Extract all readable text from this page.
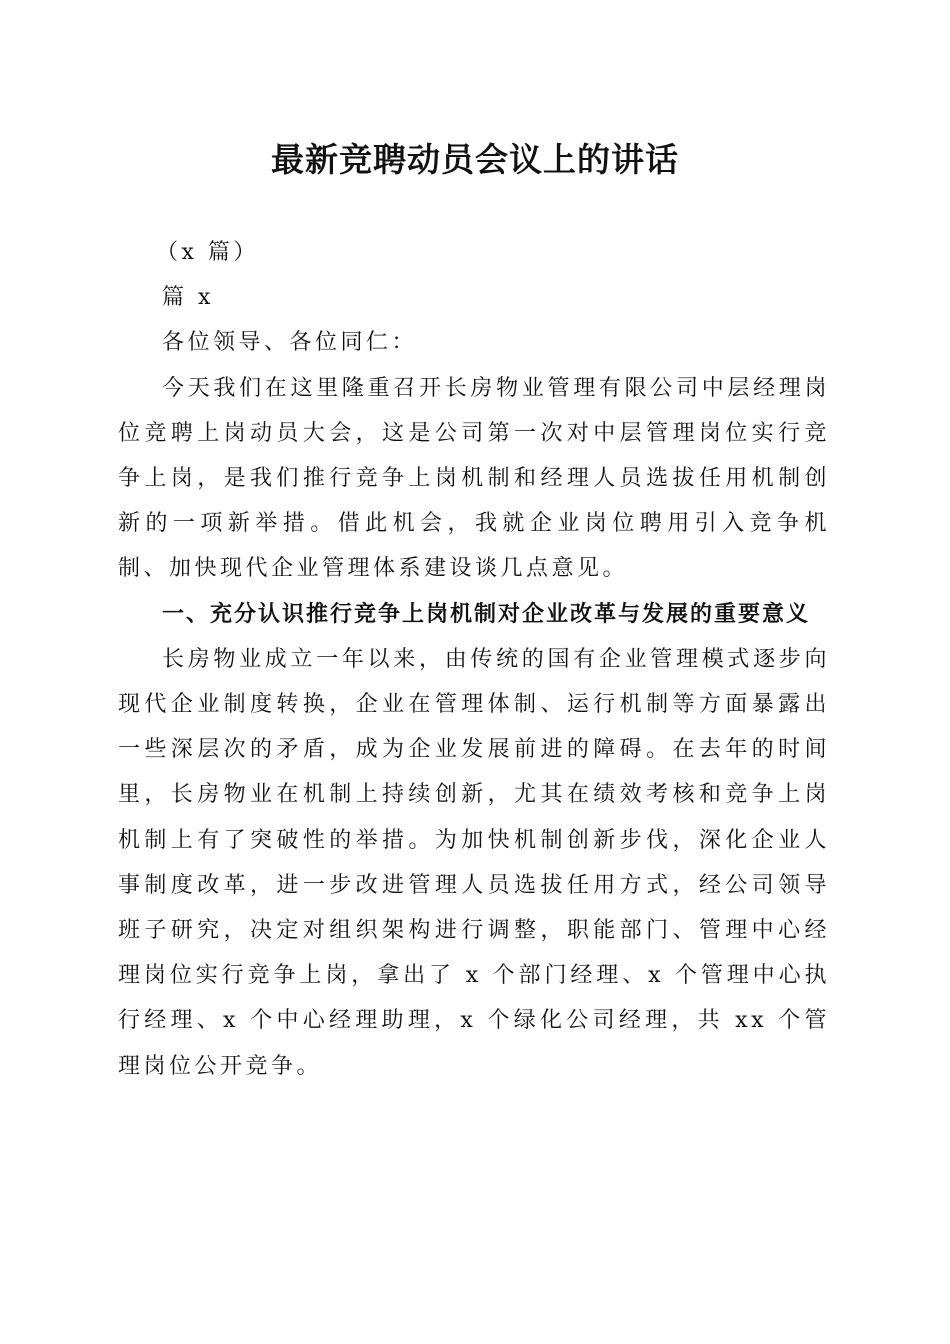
最新竞聘动员会议上的讲话

（x 篇）

篇 x

各位领导、各位同仁：

今天我们在这里隆重召开长房物业管理有限公司中层经理岗位竞聘上岗动员大会，这是公司第一次对中层管理岗位实行竞争上岗，是我们推行竞争上岗机制和经理人员选拔任用机制创新的一项新举措。借此机会，我就企业岗位聘用引入竞争机制、加快现代企业管理体系建设谈几点意见。

一、充分认识推行竞争上岗机制对企业改革与发展的重要意义

长房物业成立一年以来，由传统的国有企业管理模式逐步向现代企业制度转换，企业在管理体制、运行机制等方面暴露出一些深层次的矛盾，成为企业发展前进的障碍。在去年的时间里，长房物业在机制上持续创新，尤其在绩效考核和竞争上岗机制上有了突破性的举措。为加快机制创新步伐，深化企业人事制度改革，进一步改进管理人员选拔任用方式，经公司领导班子研究，决定对组织架构进行调整，职能部门、管理中心经理岗位实行竞争上岗，拿出了 x 个部门经理、x 个管理中心执行经理、x 个中心经理助理，x 个绿化公司经理，共 xx 个管理岗位公开竞争。
